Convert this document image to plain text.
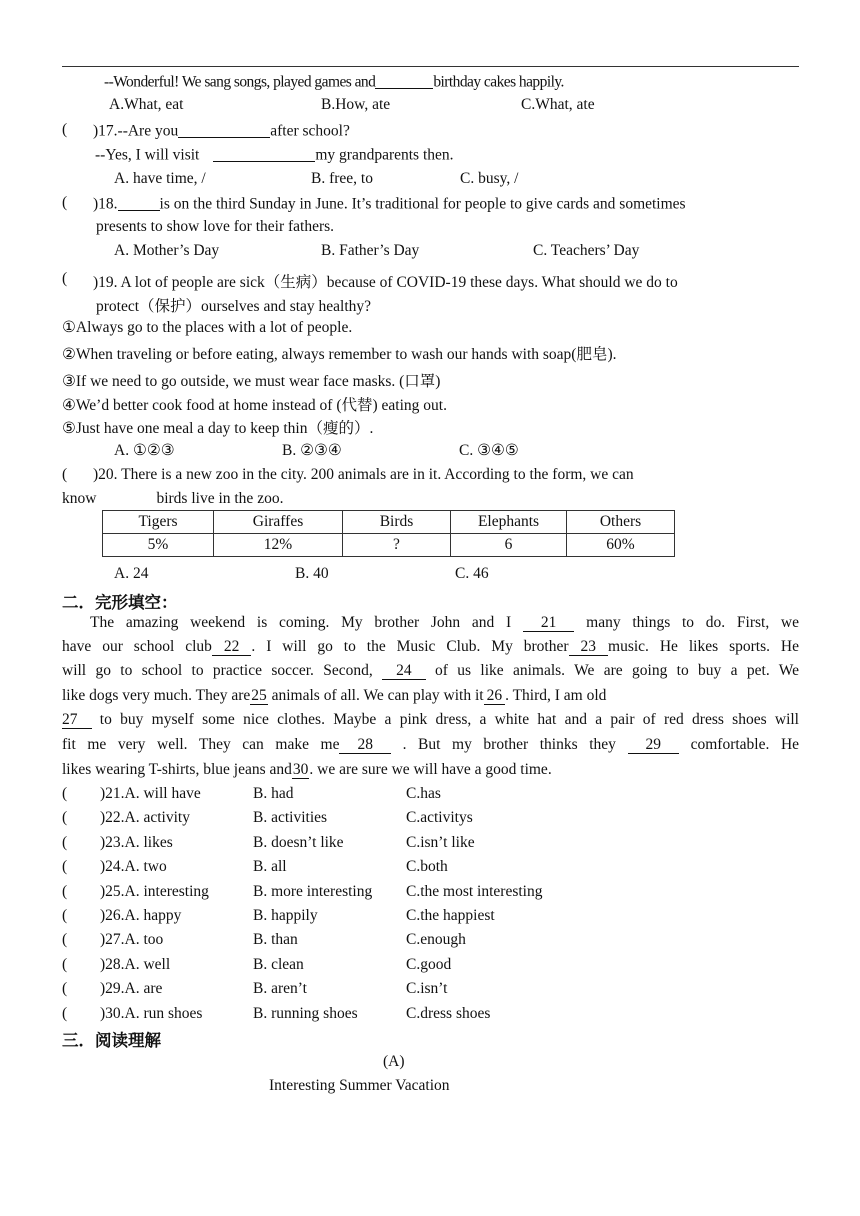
--Wonderful! We sang songs, played games and	birthday cakes happily.
A.What, eat	B.How, ate	C.What, ate
( )17.--Are you	after school?
--Yes, I will visit	my grandparents then.
A. have time, /	B. free, to	C. busy, /
( )18.	is on the third Sunday in June. It’s traditional for people to give cards and sometimes
presents to show love for their fathers.
A. Mother’s Day	B. Father’s Day	C. Teachers’ Day
( )19. A lot of people are sick（生病）because of COVID-19 these days. What should we do to
protect（保护）ourselves and stay healthy?
①Always go to the places with a lot of people.
②When traveling or before eating, always remember to wash our hands with soap(肥皂).
③If we need to go outside, we must wear face masks. (口罩)
④We’d better cook food at home instead of (代替) eating out.
⑤Just have one meal a day to keep thin（瘦的）.
A. ①②③	B. ②③④	C. ③④⑤
( )20. There is a new zoo in the city. 200 animals are in it. According to the form, we can
know	birds live in the zoo.
Tigers	Giraffes	Birds	Elephants	Others
5%	12%	?	6	60%
A. 24	B. 40	C. 46
二．完形填空：
The amazing weekend is coming. My brother John and I 21 many things to do. First, we
have our school club 22 . I will go to the Music Club. My brother 23 music. He likes sports. He
will go to school to practice soccer. Second, 24 of us like animals. We are going to buy a pet. We
like dogs very much. They are25 animals of all. We can play with it 26 . Third, I am old
27 to buy myself some nice clothes. Maybe a pink dress, a white hat and a pair of red dress shoes will
fit me very well. They can make me 28 . But my brother thinks they 29 comfortable. He
likes wearing T-shirts, blue jeans and30. we are sure we will have a good time.
( )21.A. will have	B. had	C.has
( )22.A. activity	B. activities	C.activitys
( )23.A. likes	B. doesn’t like	C.isn’t like
( )24.A. two	B. all	C.both
( )25.A. interesting	B. more interesting C.the most interesting
( )26.A. happy	B. happily	C.the happiest
( )27.A. too	B. than	C.enough
( )28.A. well	B. clean	C.good
( )29.A. are	B. aren’t	C.isn’t
( )30.A. run shoes	B. running shoes	C.dress shoes
三．阅读理解
(A)
Interesting Summer Vacation
